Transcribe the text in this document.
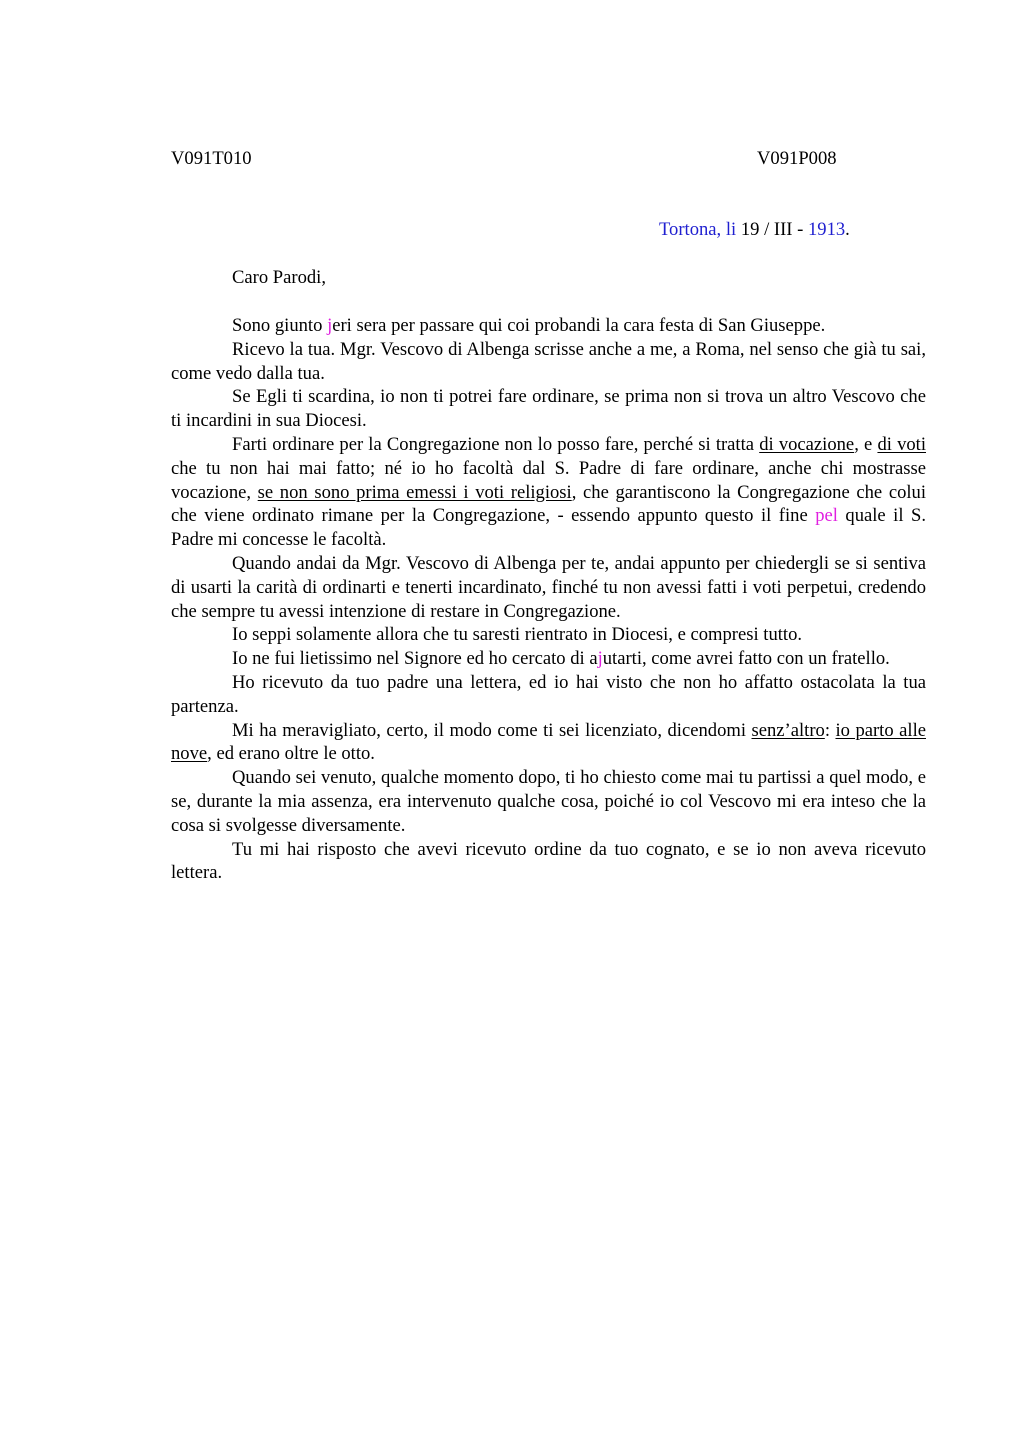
V091T010	V091P008
Tortona, li 19 / III - 1913.
Caro Parodi,

Sono giunto jeri sera per passare qui coi probandi la cara festa di San Giuseppe.

Ricevo la tua. Mgr. Vescovo di Albenga scrisse anche a me, a Roma, nel senso che già tu sai, come vedo dalla tua.

Se Egli ti scardina, io non ti potrei fare ordinare, se prima non si trova un altro Vescovo che ti incardini in sua Diocesi.

Farti ordinare per la Congregazione non lo posso fare, perché si tratta di vocazione, e di voti che tu non hai mai fatto; né io ho facoltà dal S. Padre di fare ordinare, anche chi mostrasse vocazione, se non sono prima emessi i voti religiosi, che garantiscono la Congregazione che colui che viene ordinato rimane per la Congregazione, - essendo appunto questo il fine pel quale il S. Padre mi concesse le facoltà.

Quando andai da Mgr. Vescovo di Albenga per te, andai appunto per chiedergli se si sentiva di usarti la carità di ordinarti e tenerti incardinato, finché tu non avessi fatti i voti perpetui, credendo che sempre tu avessi intenzione di restare in Congregazione.

Io seppi solamente allora che tu saresti rientrato in Diocesi, e compresi tutto.

Io ne fui lietissimo nel Signore ed ho cercato di ajutarti, come avrei fatto con un fratello.

Ho ricevuto da tuo padre una lettera, ed io hai visto che non ho affatto ostacolata la tua partenza.

Mi ha meravigliato, certo, il modo come ti sei licenziato, dicendomi senz’altro: io parto alle nove, ed erano oltre le otto.

Quando sei venuto, qualche momento dopo, ti ho chiesto come mai tu partissi a quel modo, e se, durante la mia assenza, era intervenuto qualche cosa, poiché io col Vescovo mi era inteso che la cosa si svolgesse diversamente.

Tu mi hai risposto che avevi ricevuto ordine da tuo cognato, e se io non aveva ricevuto lettera.
